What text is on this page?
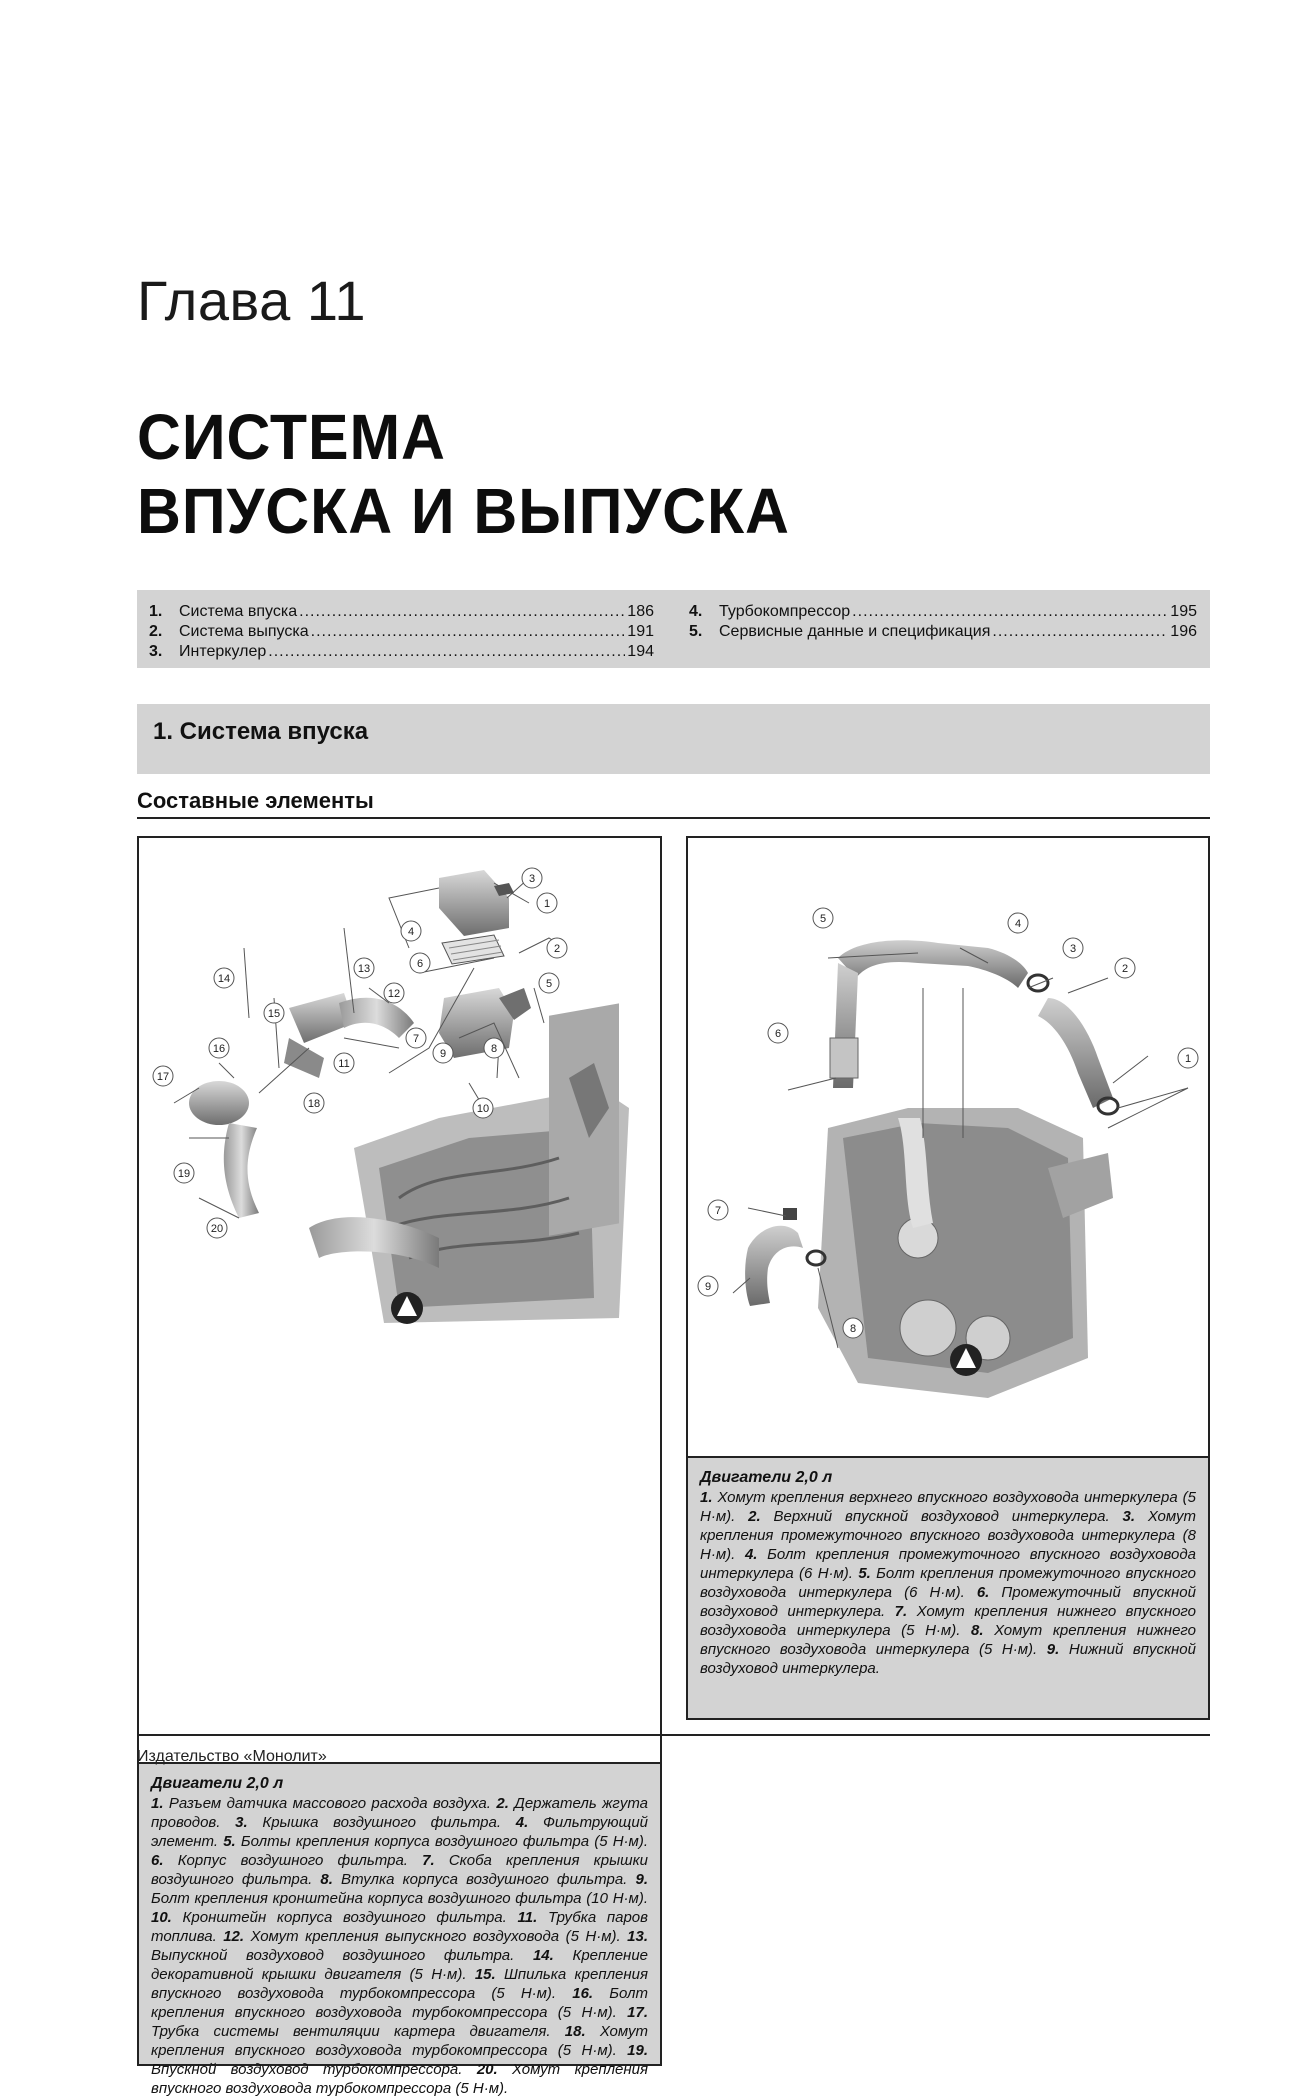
Глава 11
СИСТЕМА
ВПУСКА И ВЫПУСКА
1.	Система впуска .....	186
2.	Система выпуска .....	191
3.	Интеркулер .....	194
4.	Турбокомпрессор .....	195
5.	Сервисные данные и спецификация .....	196
1. Система впуска
Составные элементы
1
2
3
4
5
6
7
8
9
10
11
12
13
14
15
16
17
18
19
20
Двигатели 2,0 л
1. Разъем датчика массового расхода воздуха. 2. Держатель жгута проводов. 3. Крышка воздушного фильтра. 4. Фильтрующий элемент. 5. Болты крепления корпуса воздушного фильтра (5 Н·м). 6. Корпус воздушного фильтра. 7. Скоба крепления крышки воздушного фильтра. 8. Втулка корпуса воздушного фильтра. 9. Болт крепления кронштейна корпуса воздушного фильтра (10 Н·м). 10. Кронштейн корпуса воздушного фильтра. 11. Трубка паров топлива. 12. Хомут крепления выпускного воздуховода (5 Н·м). 13. Выпускной воздуховод воздушного фильтра. 14. Крепление декоративной крышки двигателя (5 Н·м). 15. Шпилька крепления впускного воздуховода турбокомпрессора (5 Н·м). 16. Болт крепления впускного воздуховода турбокомпрессора (5 Н·м). 17. Трубка системы вентиляции картера двигателя. 18. Хомут крепления впускного воздуховода турбокомпрессора (5 Н·м). 19. Впускной воздуховод турбокомпрессора. 20. Хомут крепления впускного воздуховода турбокомпрессора (5 Н·м).
1
2
3
4
5
6
7
8
9
Двигатели 2,0 л
1. Хомут крепления верхнего впускного воздуховода интеркулера (5 Н·м). 2. Верхний впускной воздуховод интеркулера. 3. Хомут крепления промежуточного впускного воздуховода интеркулера (8 Н·м). 4. Болт крепления промежуточного впускного воздуховода интеркулера (6 Н·м). 5. Болт крепления промежуточного впускного воздуховода интеркулера (6 Н·м). 6. Промежуточный впускной воздуховод интеркулера. 7. Хомут крепления нижнего впускного воздуховода интеркулера (5 Н·м). 8. Хомут крепления нижнего впускного воздуховода интеркулера (5 Н·м). 9. Нижний впускной воздуховод интеркулера.
Издательство «Монолит»
